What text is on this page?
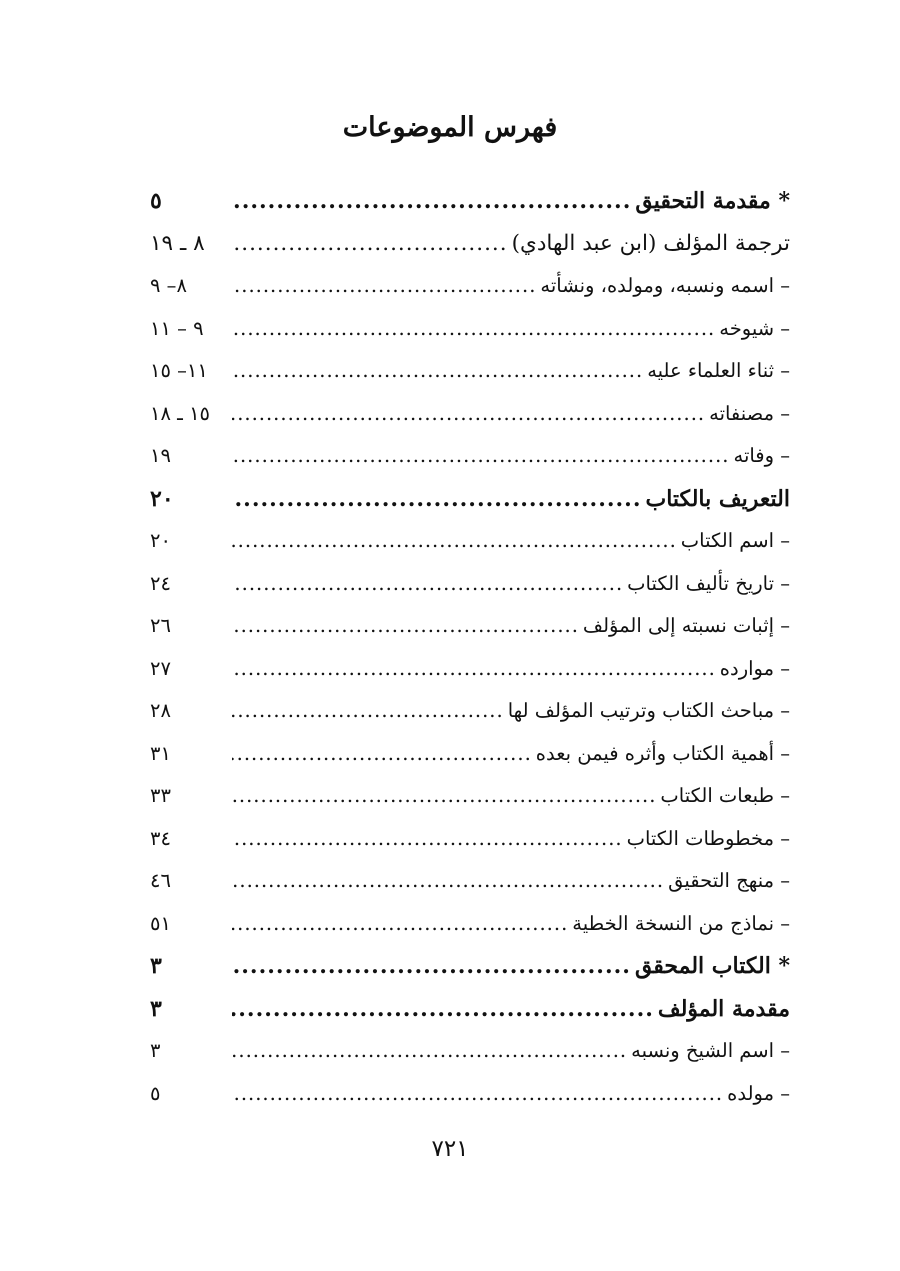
فهرس الموضوعات
* مقدمة التحقيق
.....
٥
ترجمة المؤلف (ابن عبد الهادي)
.....
٨ ـ ١٩
– اسمه ونسبه، ومولده، ونشأته
.....
٨– ٩
– شيوخه
.....
٩ – ١١
– ثناء العلماء عليه
.....
١١– ١٥
– مصنفاته
.....
١٥ ـ ١٨
– وفاته
.....
١٩
التعريف بالكتاب
.....
٢٠
– اسم الكتاب
.....
٢٠
– تاريخ تأليف الكتاب
.....
٢٤
– إثبات نسبته إلى المؤلف
.....
٢٦
– موارده
.....
٢٧
– مباحث الكتاب وترتيب المؤلف لها
.....
٢٨
– أهمية الكتاب وأثره فيمن بعده
.....
٣١
– طبعات الكتاب
.....
٣٣
– مخطوطات الكتاب
.....
٣٤
– منهج التحقيق
.....
٤٦
– نماذج من النسخة الخطية
.....
٥١
* الكتاب المحقق
.....
٣
مقدمة المؤلف
.....
٣
– اسم الشيخ ونسبه
.....
٣
– مولده
.....
٥
٧٢١
